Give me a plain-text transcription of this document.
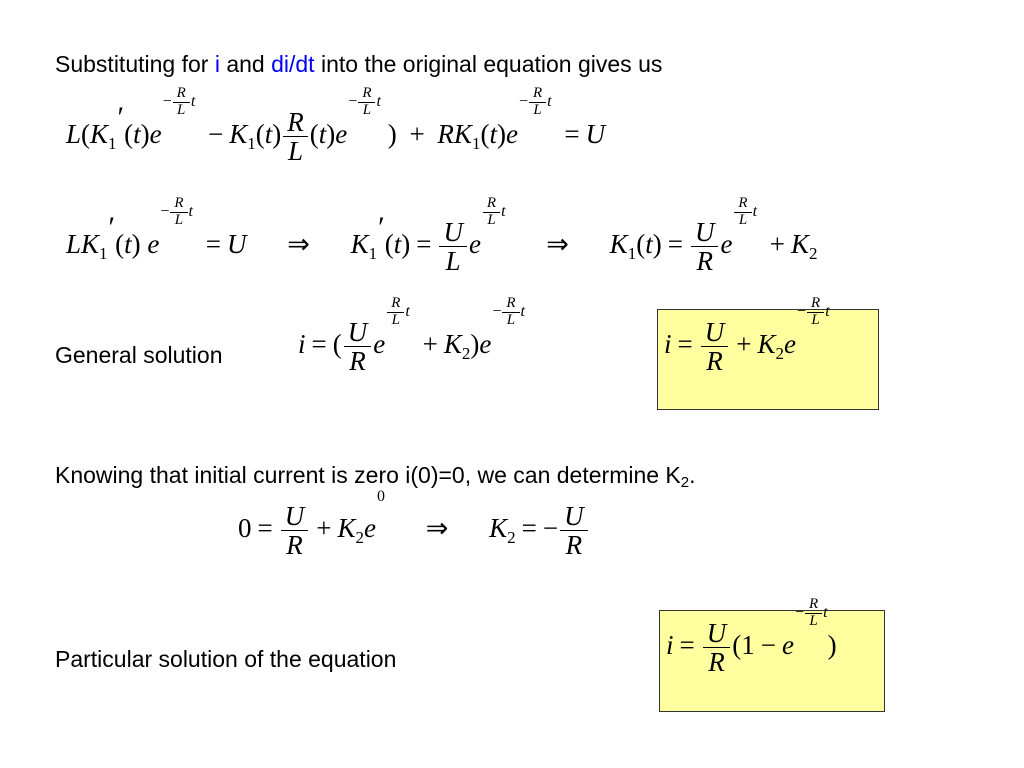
Substituting for i and di/dt into the original equation gives us
$L(K_1'(t)e- \frac{R}{L}$ $t - K_1(t) \frac{R}{L} (t)e- \frac{R}{L}$ t ) + $RK_1(t)e- \frac{R}{L}$ t = U
$LK_1'(t)$ $e- \frac{R}{L}$ t = U ⇒ $K_1'(t) = \frac{U}{L}$ e
$\frac{R}{L}$ t ⇒ $K_1(t) = \frac{U}{R}$ e
$\frac{R}{L}$ $t + K_2$
General solution	i = ( $\frac{U}{R}$ e
$\frac{R}{L}$ $t + K_2)e- \frac{R}{L}$ t
$i = \frac{U}{R} + K_2e- \frac{R}{L}$ t
Knowing that initial current is zero i(0)=0, we can determine $K_2$.
$0 = \frac{U}{R} + K_2e0$ ⇒ $K_2$ = − $\frac{U}{R}$
Particular solution of the equation	$i = \frac{U}{R} (1 - e- \frac{R}{L} t)$
